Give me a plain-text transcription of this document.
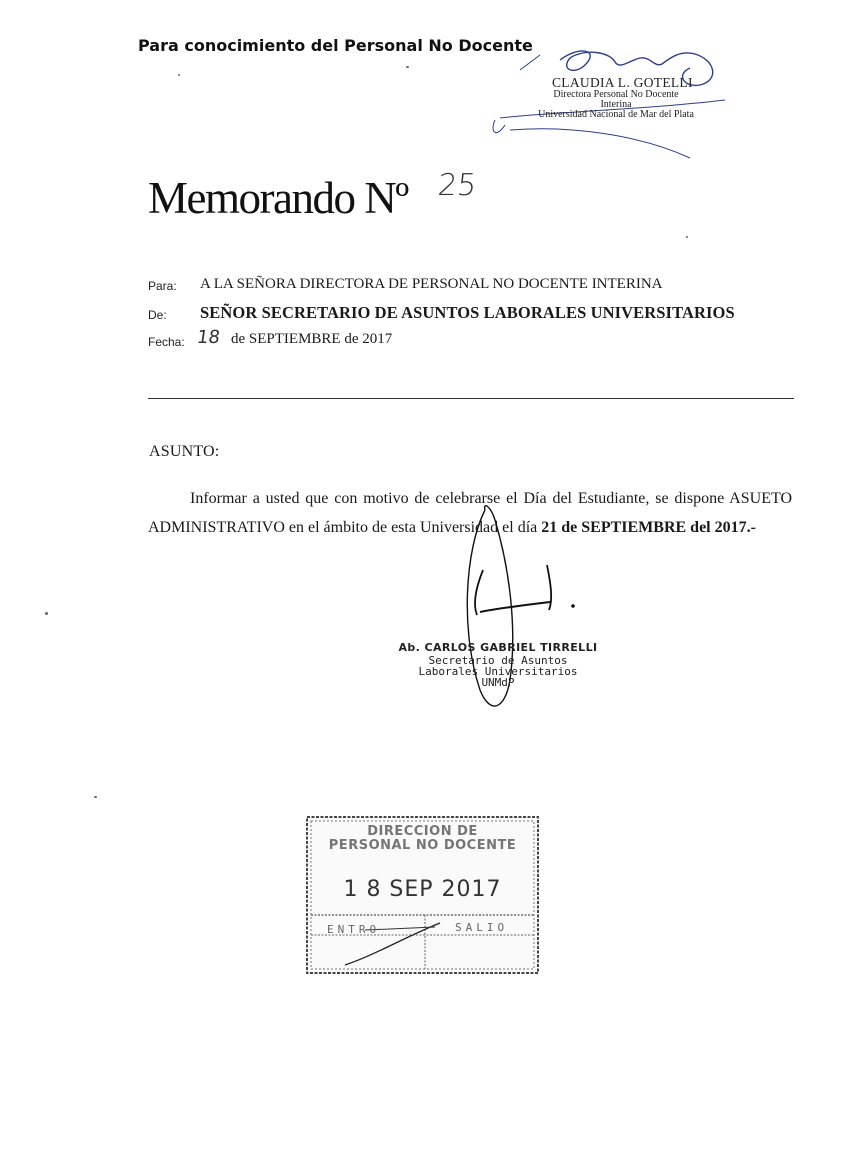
Para conocimiento del Personal No Docente
CLAUDIA L. GOTELLI
Directora Personal No Docente
Interina
Universidad Nacional de Mar del Plata
Memorando Nº 25
Para: A LA SEÑORA DIRECTORA DE PERSONAL NO DOCENTE INTERINA
De: SEÑOR SECRETARIO DE ASUNTOS LABORALES UNIVERSITARIOS
Fecha: 18 de SEPTIEMBRE de 2017
ASUNTO:
Informar a usted que con motivo de celebrarse el Día del Estudiante, se dispone ASUETO ADMINISTRATIVO en el ámbito de esta Universidad el día 21 de SEPTIEMBRE del 2017.-
Ab. CARLOS GABRIEL TIRRELLI
Secretario de Asuntos
Laborales Universitarios
UNMdP
DIRECCION DE
PERSONAL NO DOCENTE
1 8 SEP 2017
ENTRO	SALIO
